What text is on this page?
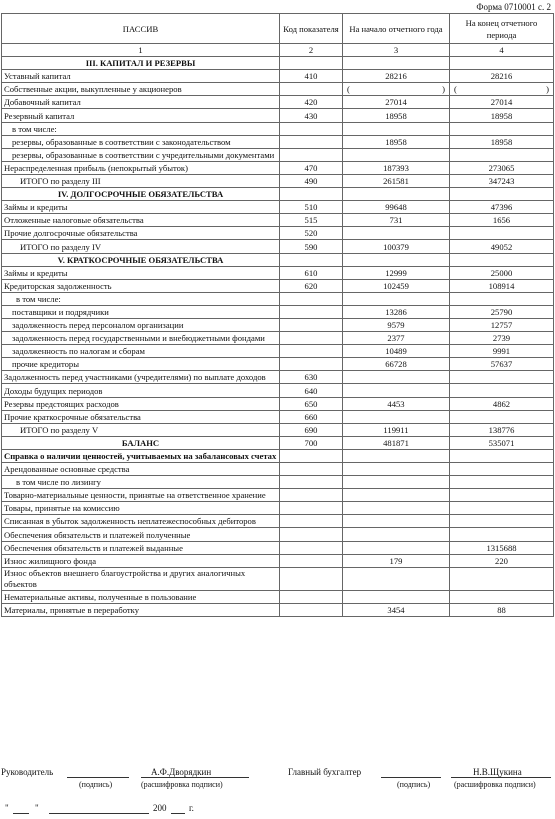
Форма 0710001 с. 2
ПАССИВ	Код показателя	На начало отчетного года	На конец отчетного периода
1	2	3	4
III. КАПИТАЛ И РЕЗЕРВЫ			
Уставный капитал	410	28216	28216
Собственные акции, выкупленные у акционеров		( )	( )

Добавочный капитал	420	27014	27014
Резервный капитал	430	18958	18958
в том числе:			
резервы, образованные в соответствии с законодательством		18958	18958
резервы, образованные в соответствии с учредительными документами			
Нераспределенная прибыль (непокрытый убыток)	470	187393	273065
ИТОГО по разделу III	490	261581	347243
IV. ДОЛГОСРОЧНЫЕ ОБЯЗАТЕЛЬСТВА			
Займы и кредиты	510	99648	47396
Отложенные налоговые обязательства	515	731	1656
Прочие долгосрочные обязательства	520		
ИТОГО по разделу IV	590	100379	49052
V. КРАТКОСРОЧНЫЕ ОБЯЗАТЕЛЬСТВА			
Займы и кредиты	610	12999	25000
Кредиторская задолженность	620	102459	108914
в том числе:			
поставщики и подрядчики		13286	25790
задолженность перед персоналом организации		9579	12757
задолженность перед государственными и внебюджетными фондами		2377	2739
задолженность по налогам и сборам		10489	9991
прочие кредиторы		66728	57637
Задолженность перед участниками (учредителями) по выплате доходов	630		
Доходы будущих периодов	640		
Резервы предстоящих расходов	650	4453	4862
Прочие краткосрочные обязательства	660		
ИТОГО по разделу V	690	119911	138776
БАЛАНС	700	481871	535071
Справка о наличии ценностей, учитываемых на забалансовых счетах			
Арендованные основные средства			
в том числе по лизингу			
Товарно-материальные ценности, принятые на ответственное хранение			
Товары, принятые на комиссию			
Списанная в убыток задолженность неплатежеспособных дебиторов			
Обеспечения обязательств и платежей полученные			
Обеспечения обязательств и платежей выданные			1315688
Износ жилищного фонда		179	220
Износ объектов внешнего благоустройства и других аналогичных объектов			
Нематериальные активы, полученные в пользование			
Материалы, принятые в переработку		3454	88
Руководитель	А.Ф.Дворядкин
(подпись)	(расшифровка подписи)
Главный бухгалтер	Н.В.Щукина
(подпись)	(расшифровка подписи)
"	"	200	г.
